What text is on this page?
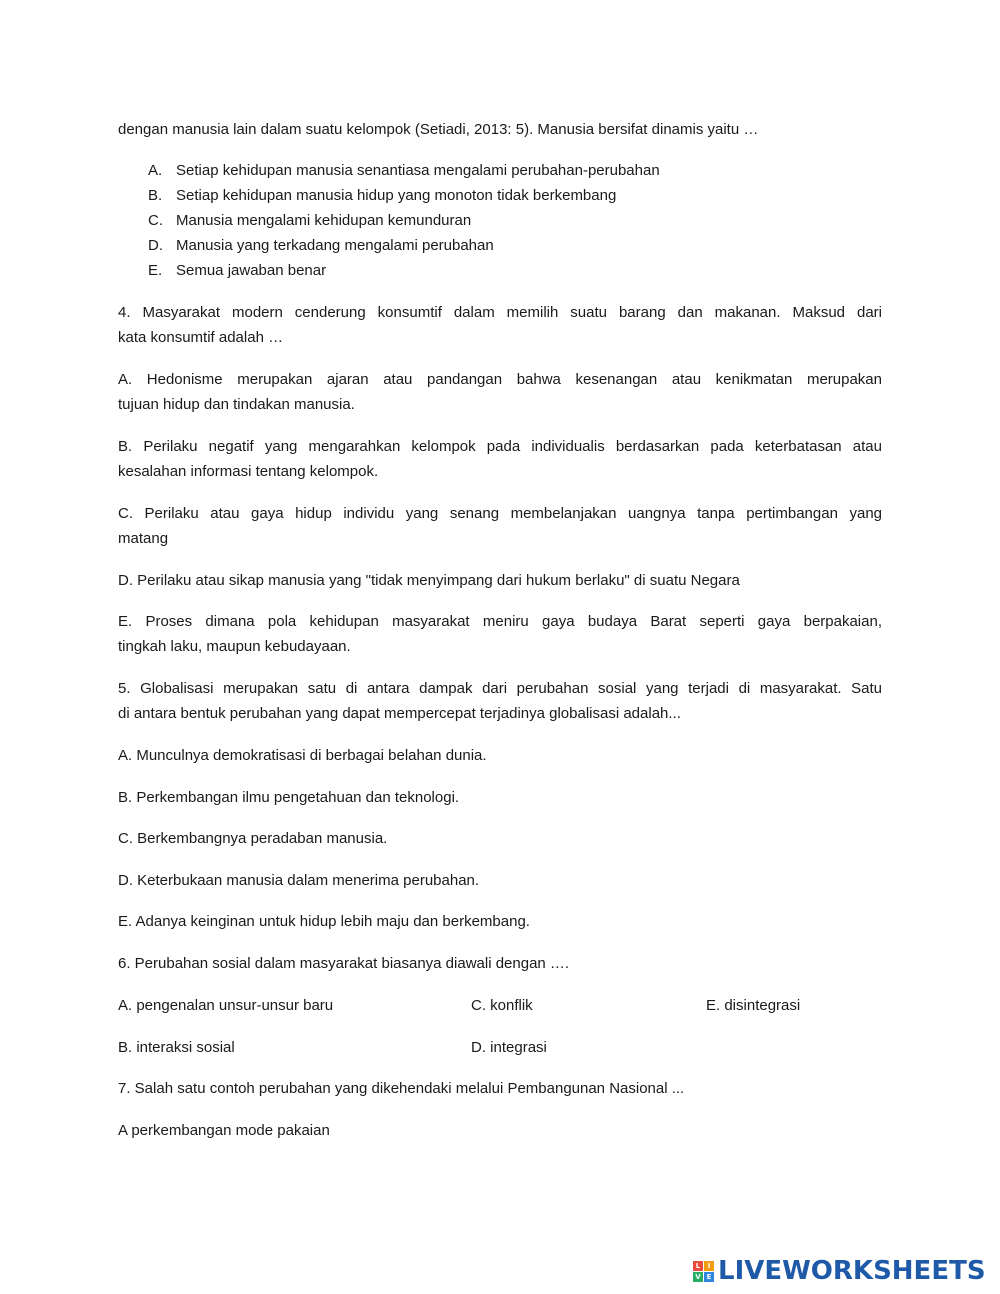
dengan manusia lain dalam suatu kelompok (Setiadi, 2013: 5). Manusia bersifat dinamis yaitu …
A. Setiap kehidupan manusia senantiasa mengalami perubahan-perubahan
B. Setiap kehidupan manusia hidup yang monoton tidak berkembang
C. Manusia mengalami kehidupan kemunduran
D. Manusia yang terkadang mengalami perubahan
E. Semua jawaban benar
4. Masyarakat modern cenderung konsumtif dalam memilih suatu barang dan makanan. Maksud dari
kata konsumtif adalah …
A. Hedonisme merupakan ajaran atau pandangan bahwa kesenangan atau kenikmatan merupakan
tujuan hidup dan tindakan manusia.
B. Perilaku negatif yang mengarahkan kelompok pada individualis berdasarkan pada keterbatasan atau
kesalahan informasi tentang kelompok.
C. Perilaku atau gaya hidup individu yang senang membelanjakan uangnya tanpa pertimbangan yang
matang
D. Perilaku atau sikap manusia yang "tidak menyimpang dari hukum berlaku" di suatu Negara
E. Proses dimana pola kehidupan masyarakat meniru gaya budaya Barat seperti gaya berpakaian,
tingkah laku, maupun kebudayaan.
5. Globalisasi merupakan satu di antara dampak dari perubahan sosial yang terjadi di masyarakat. Satu
di antara bentuk perubahan yang dapat mempercepat terjadinya globalisasi adalah...
A. Munculnya demokratisasi di berbagai belahan dunia.
B. Perkembangan ilmu pengetahuan dan teknologi.
C. Berkembangnya peradaban manusia.
D. Keterbukaan manusia dalam menerima perubahan.
E. Adanya keinginan untuk hidup lebih maju dan berkembang.
6. Perubahan sosial dalam masyarakat biasanya diawali dengan ….
A. pengenalan unsur-unsur baru	C. konflik	E. disintegrasi
B. interaksi sosial	D. integrasi
7. Salah satu contoh perubahan yang dikehendaki melalui Pembangunan Nasional ...
A perkembangan mode pakaian
L	I
V E LIVEWORKSHEETS
